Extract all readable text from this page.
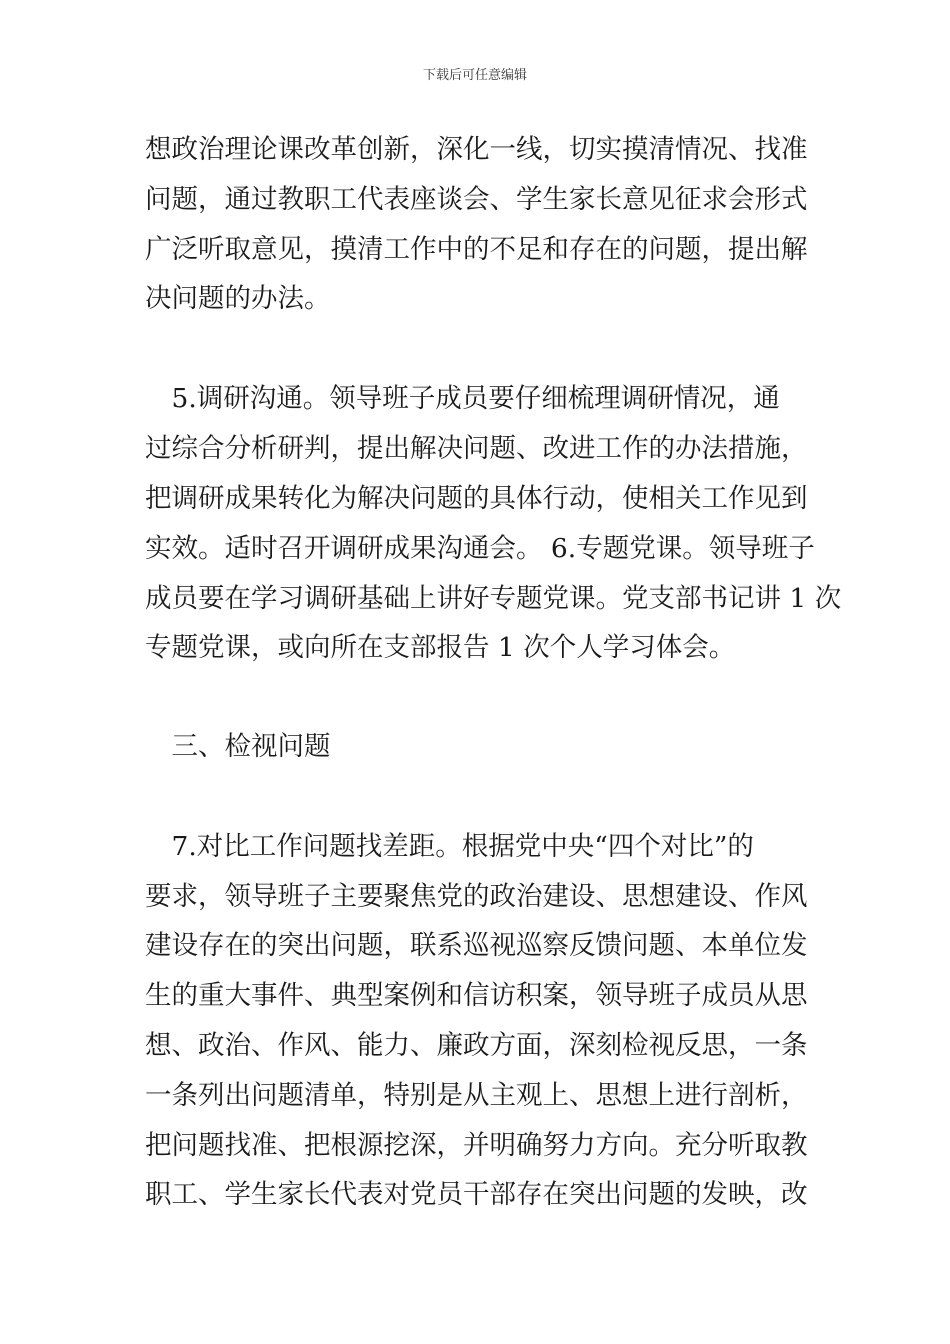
下载后可任意编辑
想政治理论课改革创新，深化一线，切实摸清情况、找准
问题，通过教职工代表座谈会、学生家长意见征求会形式
广泛听取意见，摸清工作中的不足和存在的问题，提出解
决问题的办法。
　5.调研沟通。领导班子成员要仔细梳理调研情况，通
过综合分析研判，提出解决问题、改进工作的办法措施，
把调研成果转化为解决问题的具体行动，使相关工作见到
实效。适时召开调研成果沟通会。 6.专题党课。领导班子
成员要在学习调研基础上讲好专题党课。党支部书记讲 1 次
专题党课，或向所在支部报告 1 次个人学习体会。
　三、检视问题
　7.对比工作问题找差距。根据党中央“四个对比”的
要求，领导班子主要聚焦党的政治建设、思想建设、作风
建设存在的突出问题，联系巡视巡察反馈问题、本单位发
生的重大事件、典型案例和信访积案，领导班子成员从思
想、政治、作风、能力、廉政方面，深刻检视反思，一条
一条列出问题清单，特别是从主观上、思想上进行剖析，
把问题找准、把根源挖深，并明确努力方向。充分听取教
职工、学生家长代表对党员干部存在突出问题的发映，改
